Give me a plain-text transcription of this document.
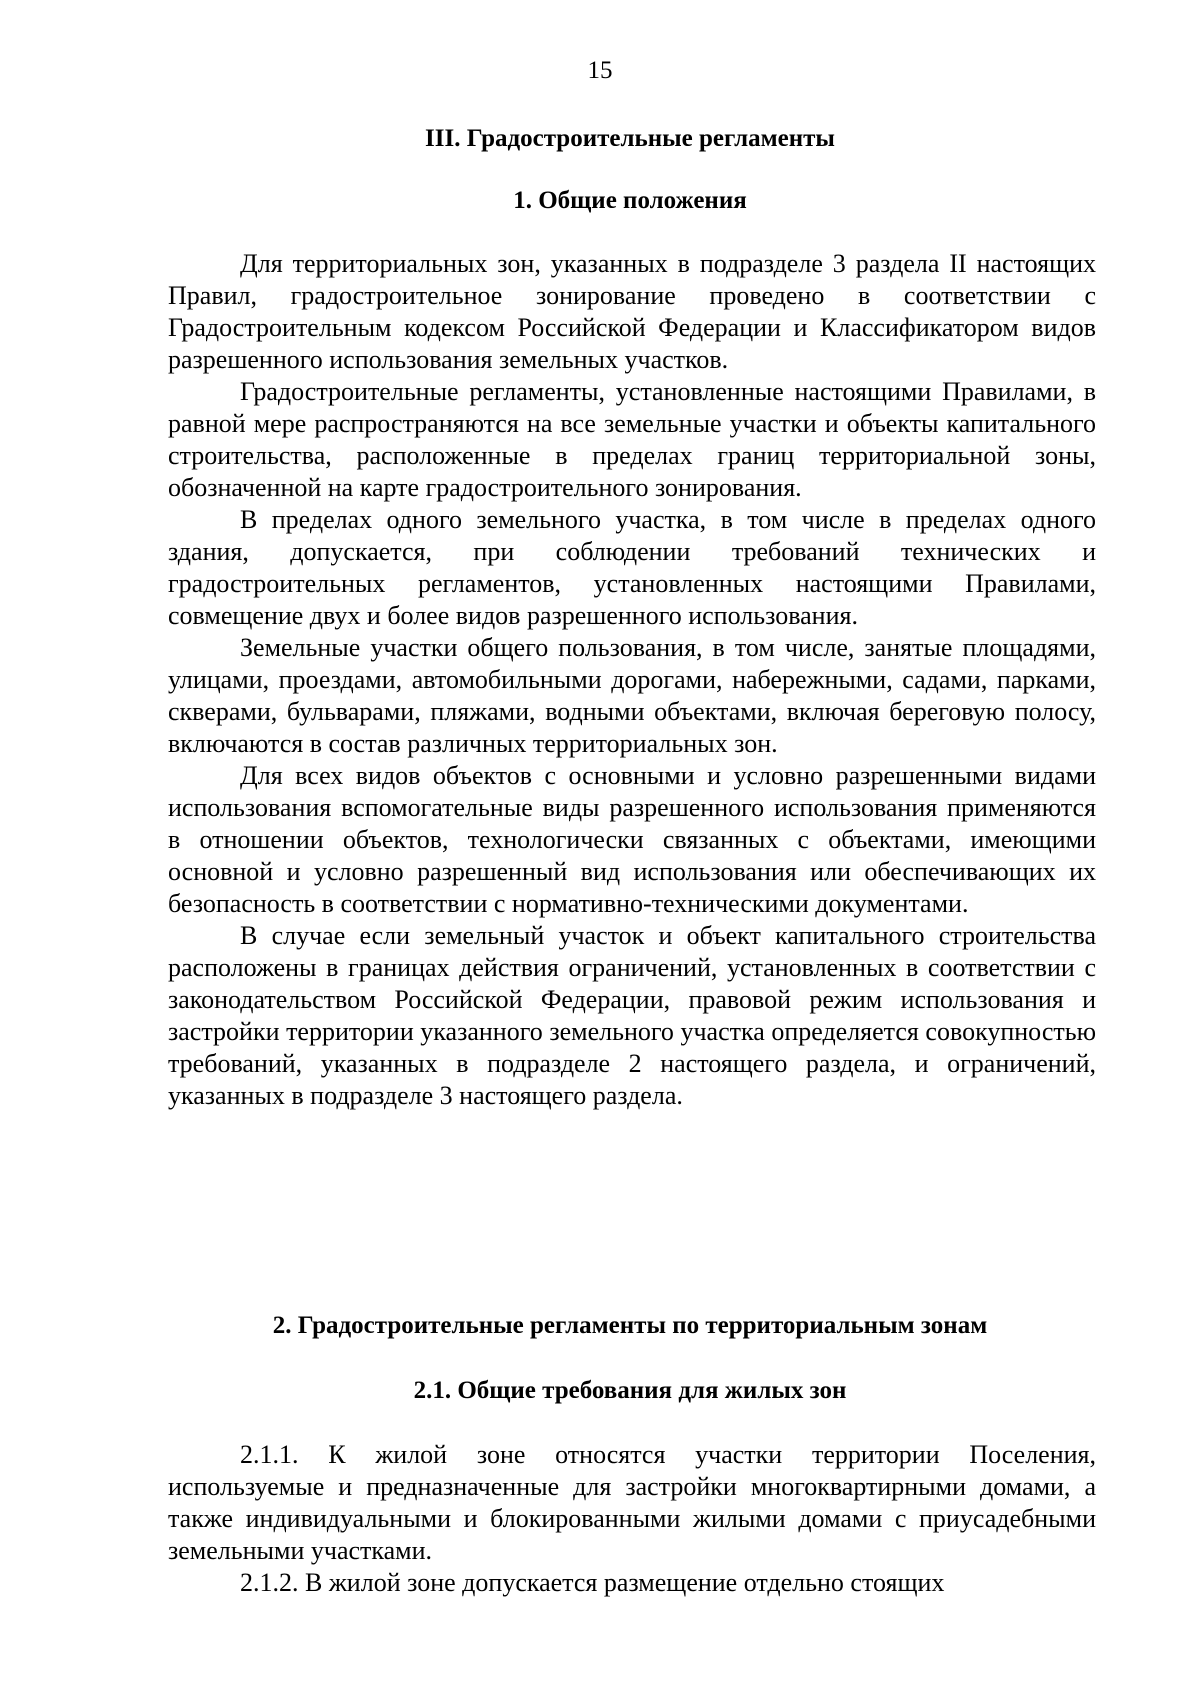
15
III. Градостроительные регламенты
1. Общие положения

Для территориальных зон, указанных в подразделе 3 раздела II настоящих Правил, градостроительное зонирование проведено в соответствии с Градостроительным кодексом Российской Федерации и Классификатором видов разрешенного использования земельных участков.

Градостроительные регламенты, установленные настоящими Правилами, в равной мере распространяются на все земельные участки и объекты капитального строительства, расположенные в пределах границ территориальной зоны, обозначенной на карте градостроительного зонирования.

В пределах одного земельного участка, в том числе в пределах одного здания, допускается, при соблюдении требований технических и градостроительных регламентов, установленных настоящими Правилами, совмещение двух и более видов разрешенного использования.

Земельные участки общего пользования, в том числе, занятые площадями, улицами, проездами, автомобильными дорогами, набережными, садами, парками, скверами, бульварами, пляжами, водными объектами, включая береговую полосу, включаются в состав различных территориальных зон.

Для всех видов объектов с основными и условно разрешенными видами использования вспомогательные виды разрешенного использования применяются в отношении объектов, технологически связанных с объектами, имеющими основной и условно разрешенный вид использования или обеспечивающих их безопасность в соответствии с нормативно-техническими документами.

В случае если земельный участок и объект капитального строительства расположены в границах действия ограничений, установленных в соответствии с законодательством Российской Федерации, правовой режим использования и застройки территории указанного земельного участка определяется совокупностью требований, указанных в подразделе 2 настоящего раздела, и ограничений, указанных в подразделе 3 настоящего раздела.

2. Градостроительные регламенты по территориальным зонам
2.1. Общие требования для жилых зон

2.1.1. К жилой зоне относятся участки территории Поселения, используемые и предназначенные для застройки многоквартирными домами, а также индивидуальными и блокированными жилыми домами с приусадебными земельными участками.

2.1.2. В жилой зоне допускается размещение отдельно стоящих
